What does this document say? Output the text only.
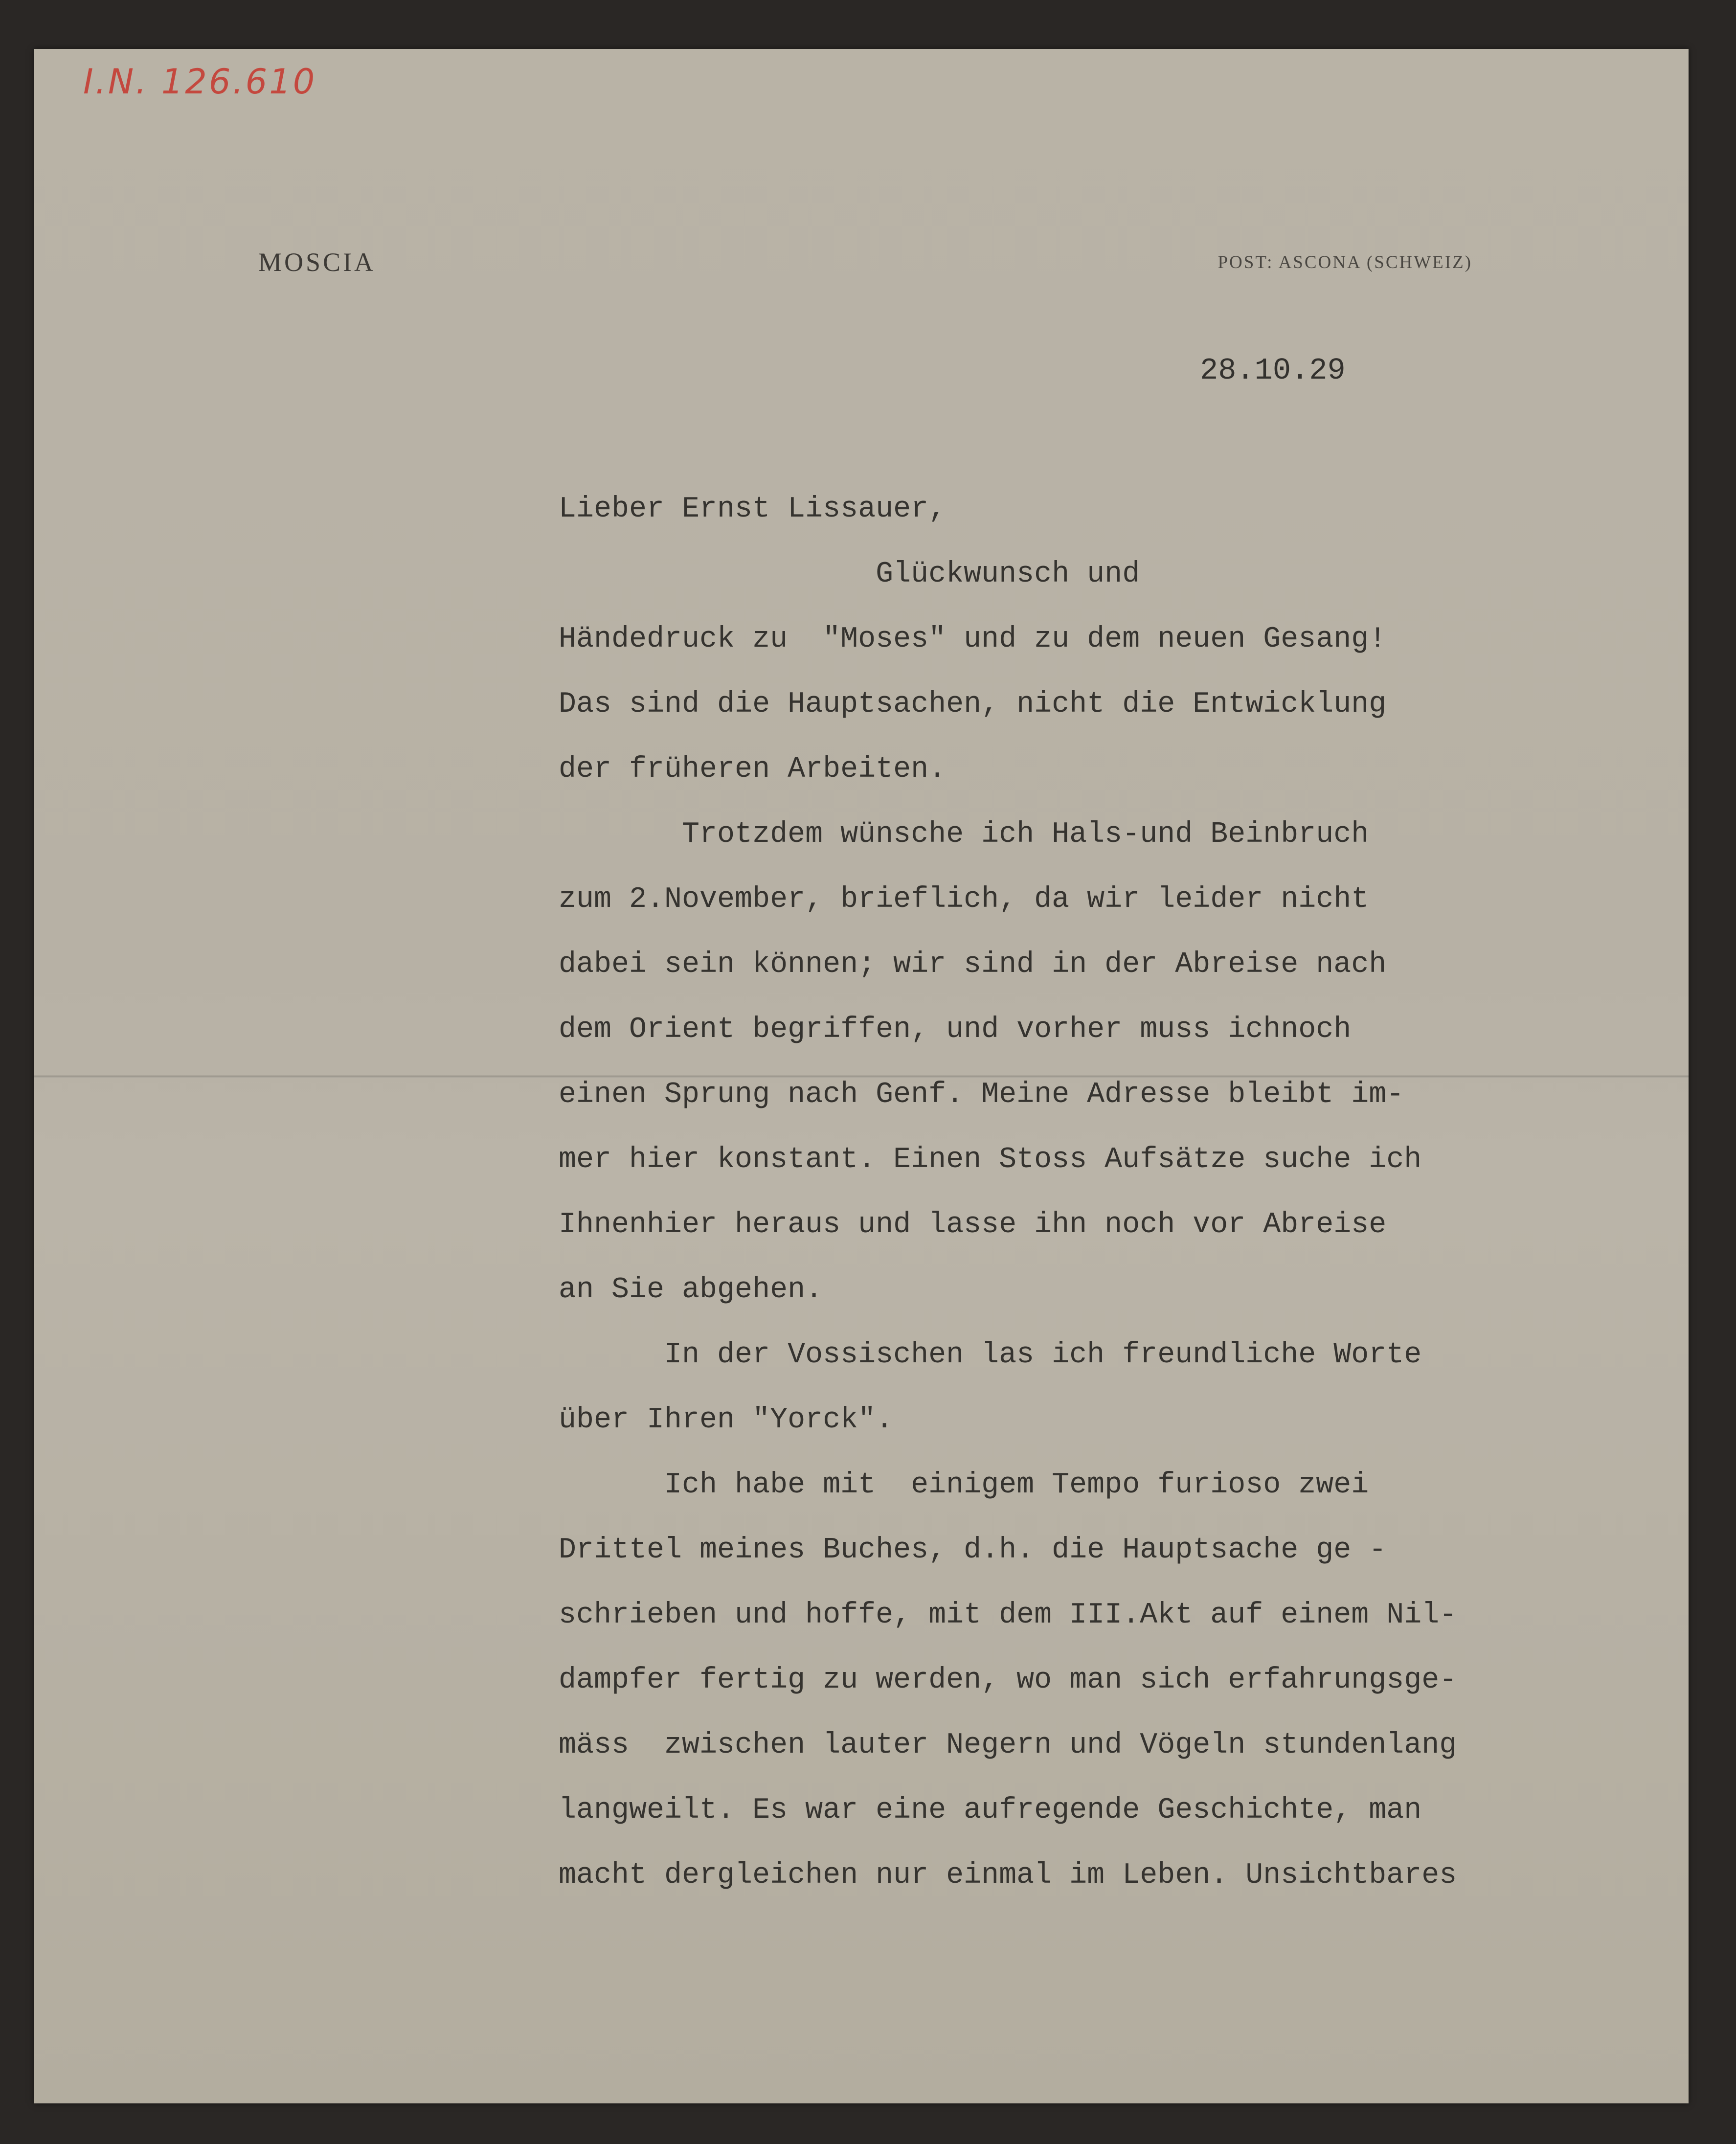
I.N. 126.610
MOSCIA	POST: ASCONA (SCHWEIZ)
28.10.29
Lieber Ernst Lissauer,
Glückwunsch und
Händedruck zu  "Moses" und zu dem neuen Gesang!
Das sind die Hauptsachen, nicht die Entwicklung
der früheren Arbeiten.
Trotzdem wünsche ich Hals-und Beinbruch
zum 2.November, brieflich, da wir leider nicht
dabei sein können; wir sind in der Abreise nach
dem Orient begriffen, und vorher muss ichnoch
einen Sprung nach Genf. Meine Adresse bleibt im-
mer hier konstant. Einen Stoss Aufsätze suche ich
Ihnenhier heraus und lasse ihn noch vor Abreise
an Sie abgehen.
In der Vossischen las ich freundliche Worte
über Ihren "Yorck".
Ich habe mit  einigem Tempo furioso zwei
Drittel meines Buches, d.h. die Hauptsache ge -
schrieben und hoffe, mit dem III.Akt auf einem Nil-
dampfer fertig zu werden, wo man sich erfahrungsge-
mäss  zwischen lauter Negern und Vögeln stundenlang
langweilt. Es war eine aufregende Geschichte, man
macht dergleichen nur einmal im Leben. Unsichtbares
